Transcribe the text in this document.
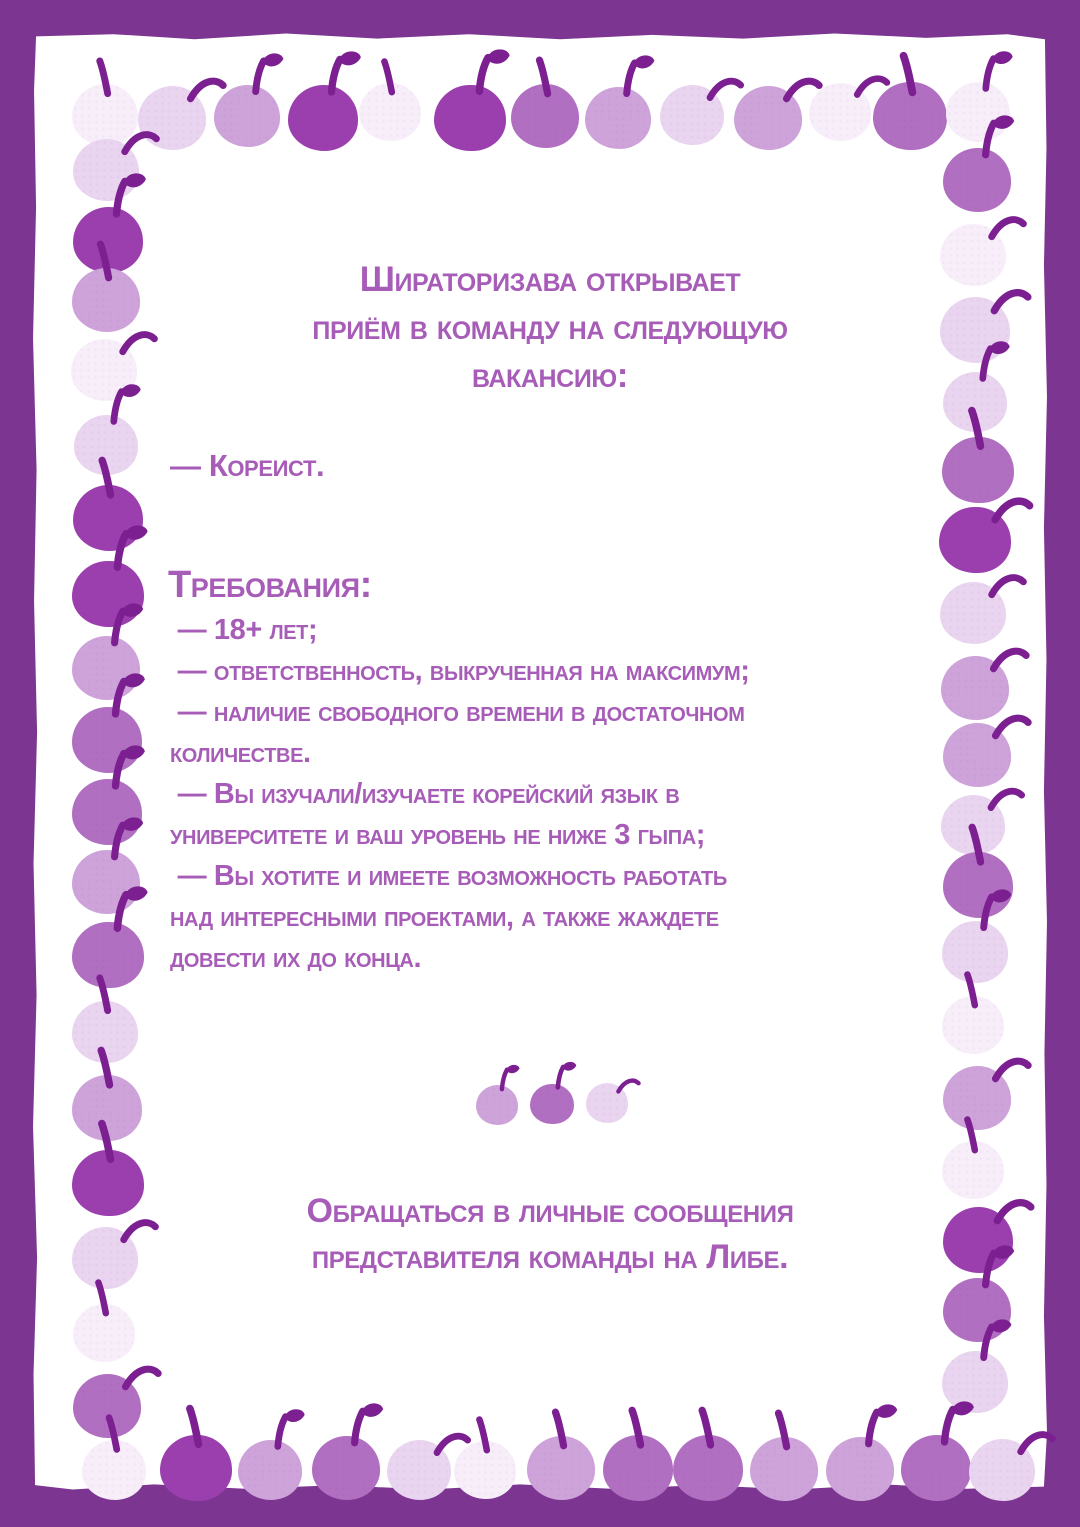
Шираторизава открывает
приём в команду на следующую
вакансию:
— Кореист.
Требования:
— 18+ лет;
— ответственность, выкрученная на максимум;
— наличие свободного времени в достаточном
количестве.
— Вы изучали/изучаете корейский язык в
университете и ваш уровень не ниже 3 гыпа;
— Вы хотите и имеете возможность работать
над интересными проектами, а также жаждете
довести их до конца.
Обращаться в личные сообщения
представителя команды на Либе.
